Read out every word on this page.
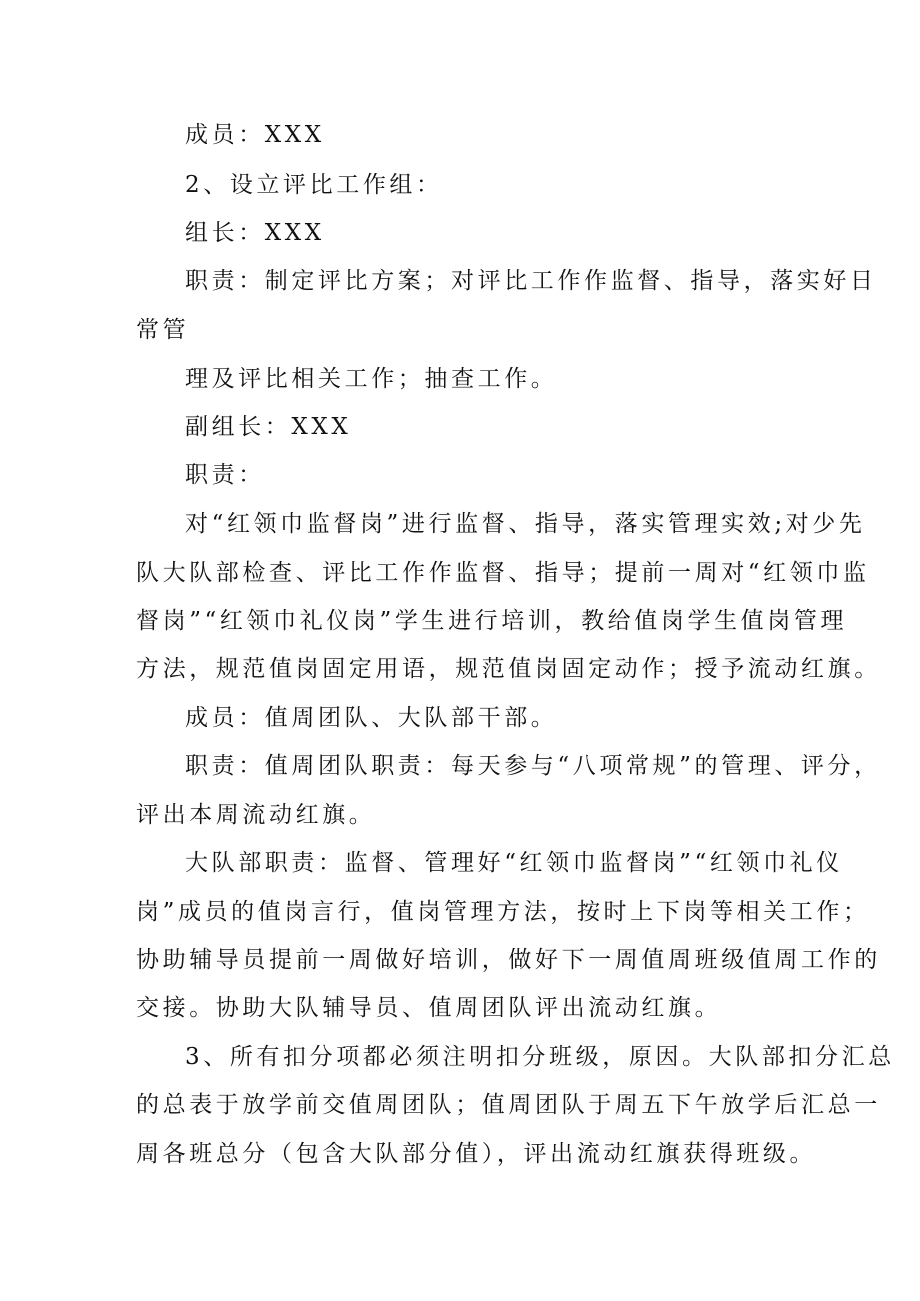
成员：XXX
2、设立评比工作组：
组长：XXX
职责：制定评比方案；对评比工作作监督、指导，落实好日
常管
理及评比相关工作；抽查工作。
副组长：XXX
职责：
对“红领巾监督岗”进行监督、指导，落实管理实效;对少先
队大队部检查、评比工作作监督、指导；提前一周对“红领巾监
督岗”“红领巾礼仪岗”学生进行培训，教给值岗学生值岗管理
方法，规范值岗固定用语，规范值岗固定动作；授予流动红旗。
成员：值周团队、大队部干部。
职责：值周团队职责：每天参与“八项常规”的管理、评分，
评出本周流动红旗。
大队部职责：监督、管理好“红领巾监督岗”“红领巾礼仪
岗”成员的值岗言行，值岗管理方法，按时上下岗等相关工作；
协助辅导员提前一周做好培训，做好下一周值周班级值周工作的
交接。协助大队辅导员、值周团队评出流动红旗。
3、所有扣分项都必须注明扣分班级，原因。大队部扣分汇总
的总表于放学前交值周团队；值周团队于周五下午放学后汇总一
周各班总分（包含大队部分值），评出流动红旗获得班级。
